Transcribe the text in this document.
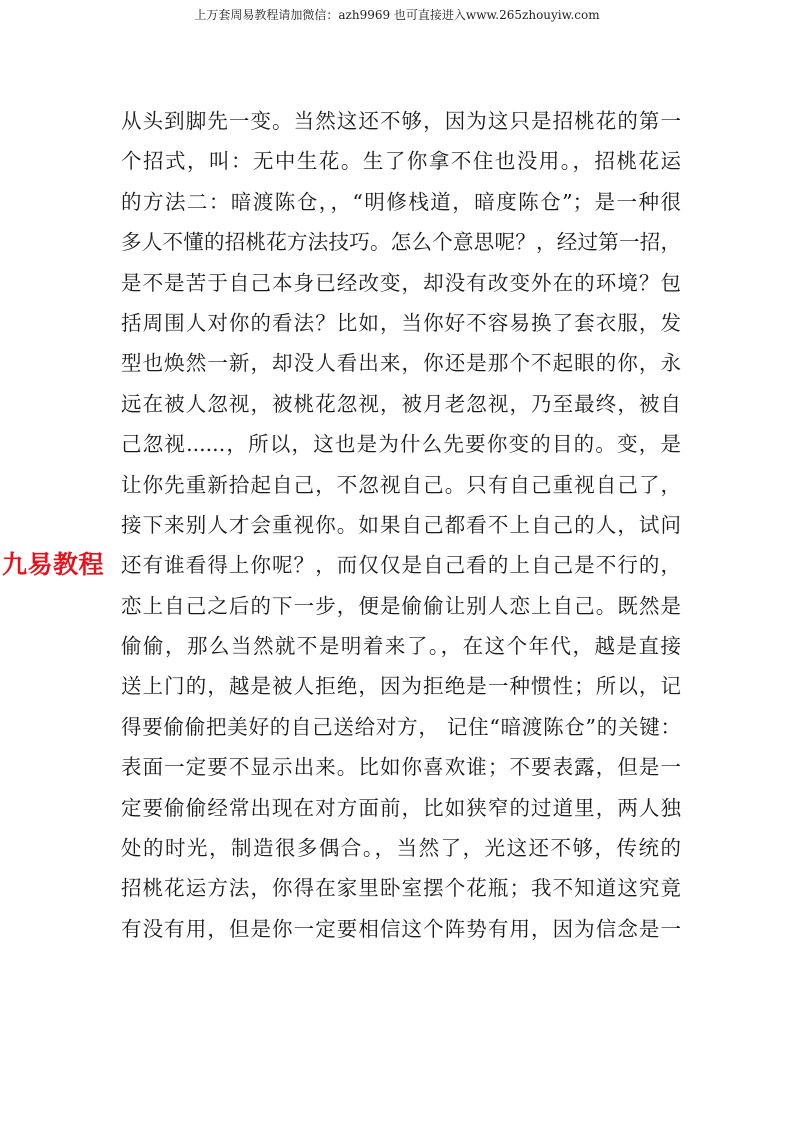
上万套周易教程请加微信：azh9969 也可直接进入www.265zhouyiw.com
九易教程
从头到脚先一变。当然这还不够，因为这只是招桃花的第一
个招式，叫：无中生花。生了你拿不住也没用。，招桃花运
的方法二：暗渡陈仓，，“明修栈道，暗度陈仓”；是一种很
多人不懂的招桃花方法技巧。怎么个意思呢？，经过第一招，
是不是苦于自己本身已经改变，却没有改变外在的环境？包
括周围人对你的看法？比如，当你好不容易换了套衣服，发
型也焕然一新，却没人看出来，你还是那个不起眼的你，永
远在被人忽视，被桃花忽视，被月老忽视，乃至最终，被自
己忽视......，所以，这也是为什么先要你变的目的。变，是
让你先重新拾起自己，不忽视自己。只有自己重视自己了，
接下来别人才会重视你。如果自己都看不上自己的人，试问
还有谁看得上你呢？，而仅仅是自己看的上自己是不行的，
恋上自己之后的下一步，便是偷偷让别人恋上自己。既然是
偷偷，那么当然就不是明着来了。，在这个年代，越是直接
送上门的，越是被人拒绝，因为拒绝是一种惯性；所以，记
得要偷偷把美好的自己送给对方， 记住“暗渡陈仓”的关键：
表面一定要不显示出来。比如你喜欢谁；不要表露，但是一
定要偷偷经常出现在对方面前，比如狭窄的过道里，两人独
处的时光，制造很多偶合。，当然了，光这还不够，传统的
招桃花运方法，你得在家里卧室摆个花瓶；我不知道这究竟
有没有用，但是你一定要相信这个阵势有用，因为信念是一
